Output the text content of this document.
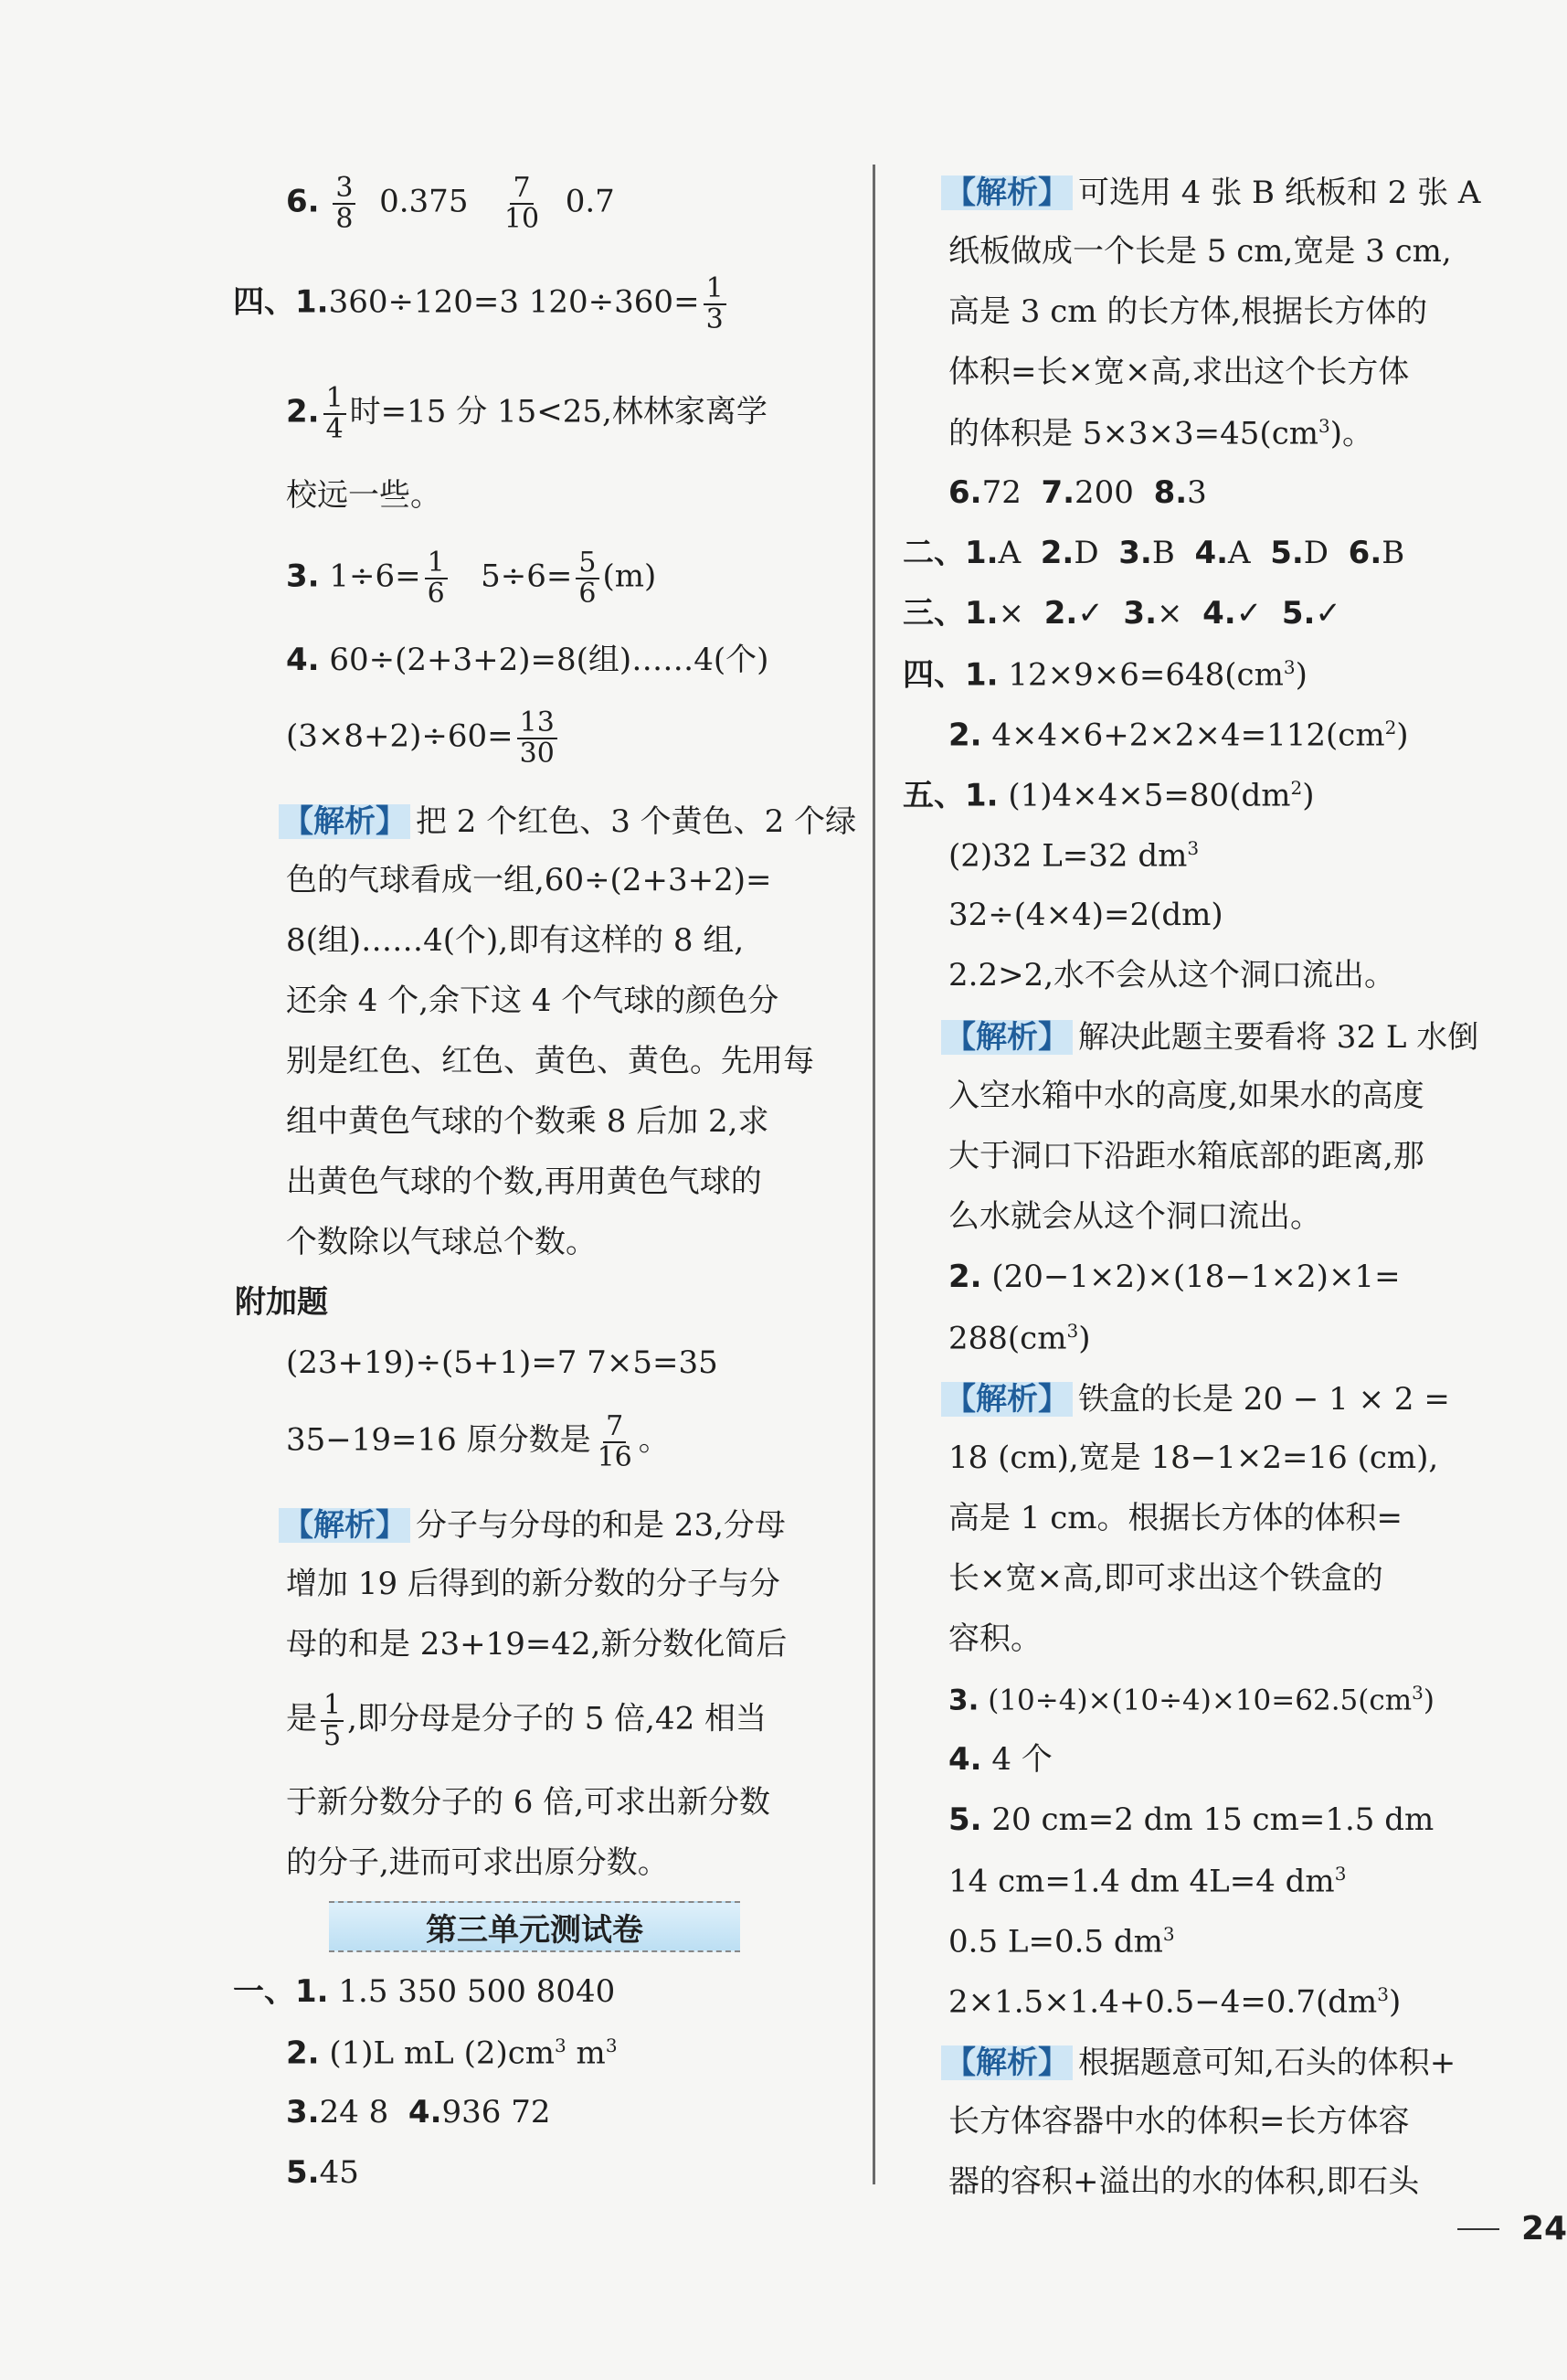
6. $\frac{3}{8} 0.375 \frac{7}{10} 0.7$
四、1.360÷120=3 $120\div 360= \frac{1}{3}$
2. $\frac{1}{4}$ 时=15 分 15<25,林林家离学
校远一些。
3. $1\div 6= \frac{1}{6} 5\div 6= \frac{5}{6} (m)$
4. 60÷(2+3+2)=8(组)……4(个)
$(3\times 8+2)\div 60= \frac{13}{30}$
【解析】 把 2 个红色、3 个黄色、2 个绿
色的气球看成一组,60÷(2+3+2)=
8(组)……4(个),即有这样的 8 组,
还余 4 个,余下这 4 个气球的颜色分
别是红色、红色、黄色、黄色。先用每
组中黄色气球的个数乘 8 后加 2,求
出黄色气球的个数,再用黄色气球的
个数除以气球总个数。
附加题
(23+19)÷(5+1)=7 7×5=35
35−19=16 原分数是 $\frac{7}{16}$ 。
【解析】 分子与分母的和是 23,分母
增加 19 后得到的新分数的分子与分
母的和是 23+19=42,新分数化简后
是 $\frac{1}{5}$ ,即分母是分子的 5 倍,42 相当
于新分数分子的 6 倍,可求出新分数
的分子,进而可求出原分数。
第三单元测试卷
一、1. 1.5 350 500 8040
2. (1)L mL $(2)cm^3$ $m^3$
3.24 8 4.936 72
5.45
【解析】 可选用 4 张 B 纸板和 2 张 A
纸板做成一个长是 5 cm,宽是 3 cm,
高是 3 cm 的长方体,根据长方体的
体积=长×宽×高,求出这个长方体
的体积是 $5\times 3\times 3=45(cm^3)$。
6.72 7.200 8.3
二、1.A 2.D 3.B 4.A 5.D 6.B
三、1.× 2.✓ 3.× 4.✓ 5.✓
四、1. $12\times 9\times 6=648(cm^3)$
2. $4\times 4\times 6+2\times 2\times 4=112(cm^2)$
五、1. $(1)4\times 4\times 5=80(dm^2)$
(2)32 L=32 $dm^3$
32÷(4×4)=2(dm)
2.2>2,水不会从这个洞口流出。
【解析】 解决此题主要看将 32 L 水倒
入空水箱中水的高度,如果水的高度
大于洞口下沿距水箱底部的距离,那
么水就会从这个洞口流出。
2. (20−1×2)×(18−1×2)×1=
$288(cm^3)$
【解析】 铁盒的长是 20 − 1 × 2 =
18 (cm),宽是 18−1×2=16 (cm),
高是 1 cm。根据长方体的体积=
长×宽×高,即可求出这个铁盒的
容积。
3. $(10\div 4)\times(10\div 4)\times 10=62.5(cm^3)$
4. 4 个
5. 20 cm=2 dm 15 cm=1.5 dm
14 cm=1.4 dm 4L=4 $dm^3$
0.5 L=0.5 $dm^3$
$2\times 1.5\times 1.4+0.5-4=0.7(dm^3)$
【解析】 根据题意可知,石头的体积+
长方体容器中水的体积=长方体容
器的容积+溢出的水的体积,即石头
24
